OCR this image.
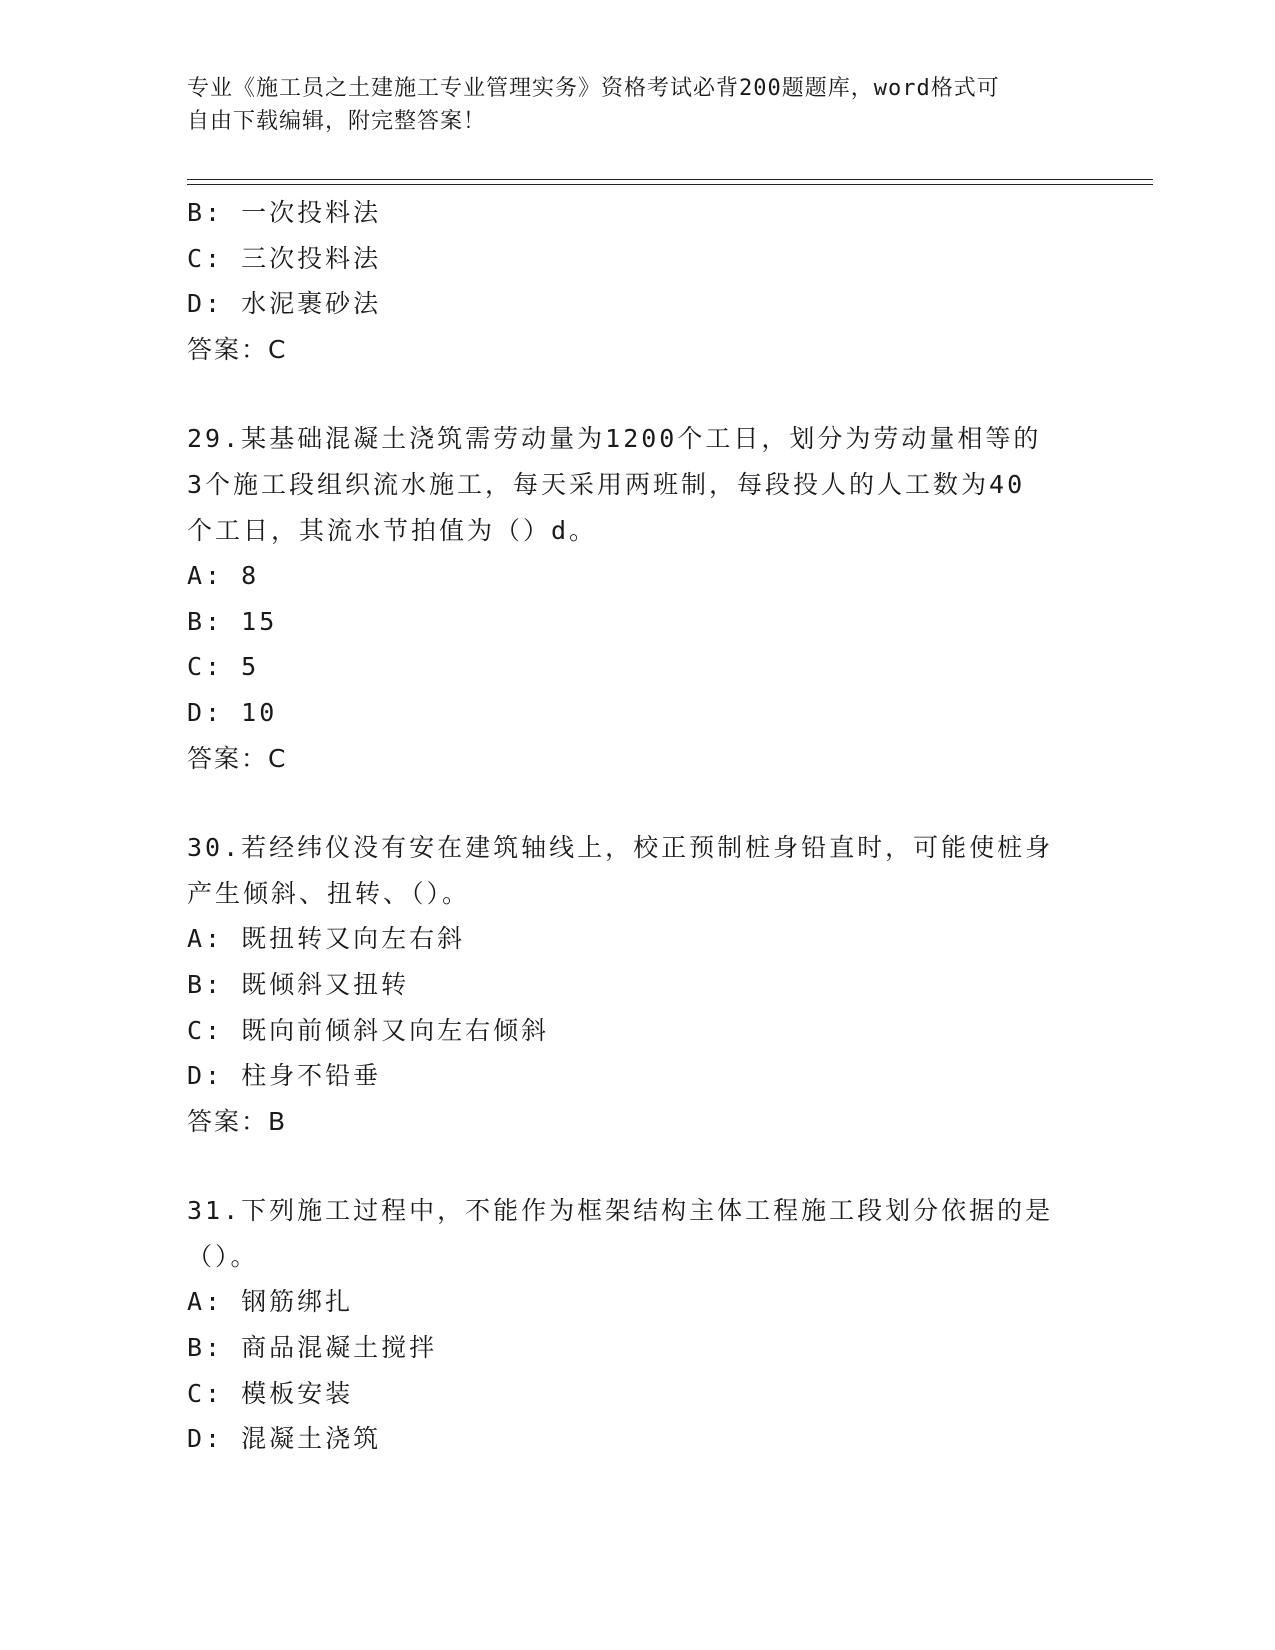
专业《施工员之土建施工专业管理实务》资格考试必背200题题库，word格式可
自由下载编辑，附完整答案！
B: 一次投料法
C: 三次投料法
D: 水泥裹砂法
答案：C
29.某基础混凝土浇筑需劳动量为1200个工日，划分为劳动量相等的
3个施工段组织流水施工，每天采用两班制，每段投人的人工数为40
个工日，其流水节拍值为（）d。
A: 8
B: 15
C: 5
D: 10
答案：C
30.若经纬仪没有安在建筑轴线上，校正预制桩身铅直时，可能使桩身
产生倾斜、扭转、（）。
A: 既扭转又向左右斜
B: 既倾斜又扭转
C: 既向前倾斜又向左右倾斜
D: 柱身不铅垂
答案：B
31.下列施工过程中，不能作为框架结构主体工程施工段划分依据的是
（）。
A: 钢筋绑扎
B: 商品混凝土搅拌
C: 模板安装
D: 混凝土浇筑
